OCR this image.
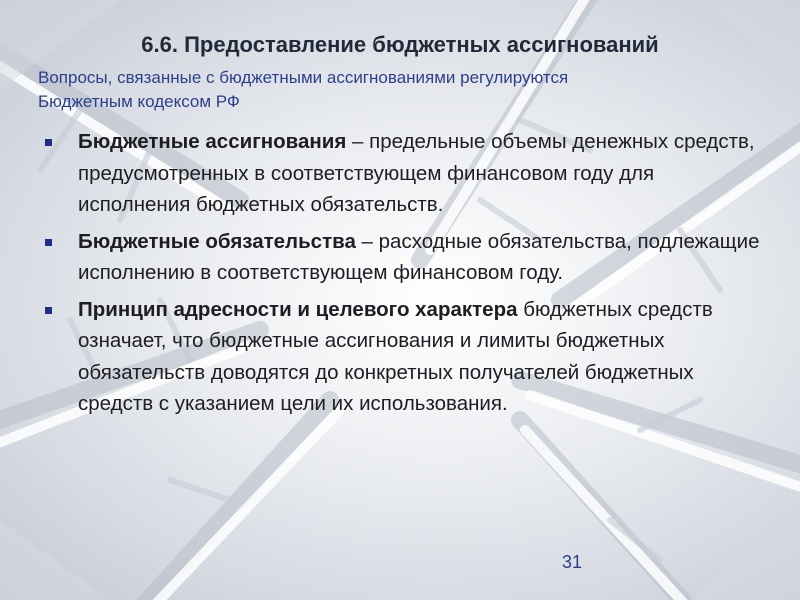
6.6. Предоставление бюджетных ассигнований
Вопросы, связанные с бюджетными ассигнованиями регулируются
Бюджетным кодексом РФ
Бюджетные ассигнования – предельные объемы денежных средств, предусмотренных в соответствующем финансовом году для исполнения бюджетных обязательств.
Бюджетные обязательства – расходные обязательства, подлежащие исполнению в соответствующем финансовом году.
Принцип адресности и целевого характера бюджетных средств означает, что бюджетные ассигнования и лимиты бюджетных обязательств доводятся до конкретных получателей бюджетных средств с указанием цели их использования.
31
